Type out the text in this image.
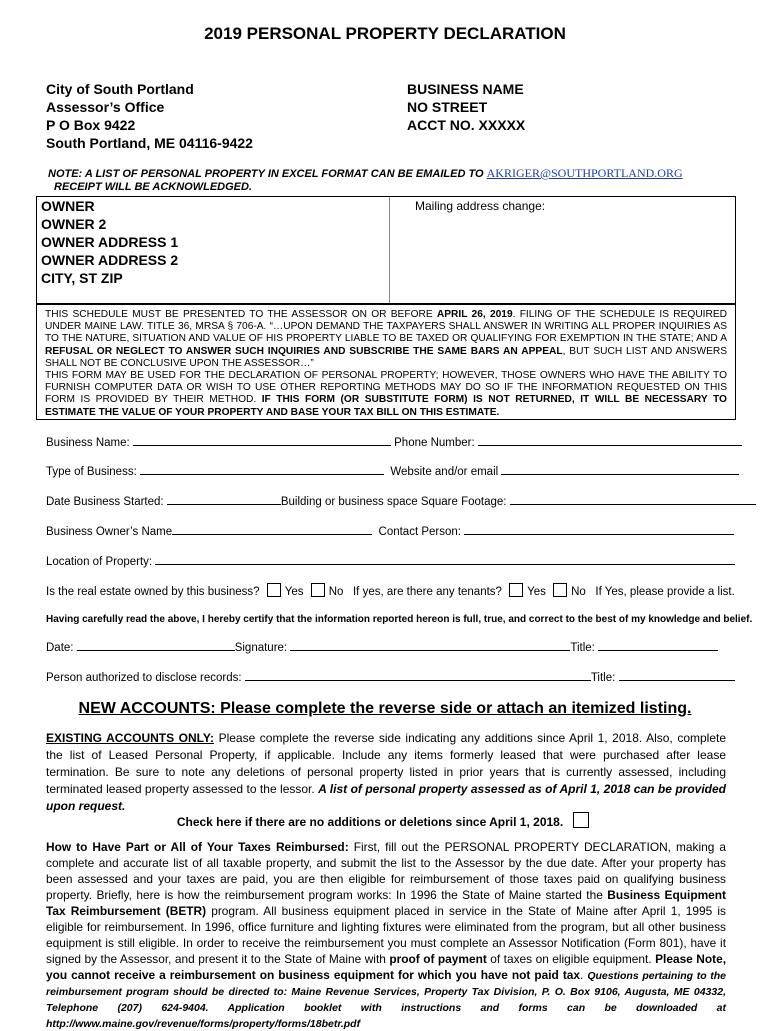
2019 PERSONAL PROPERTY DECLARATION
City of South Portland
Assessor’s Office
P O Box 9422
South Portland, ME 04116-9422
BUSINESS NAME
NO STREET
ACCT NO. XXXXX
NOTE: A LIST OF PERSONAL PROPERTY IN EXCEL FORMAT CAN BE EMAILED TO AKRIGER@SOUTHPORTLAND.ORG
RECEIPT WILL BE ACKNOWLEDGED.
OWNER
OWNER 2
OWNER ADDRESS 1
OWNER ADDRESS 2
CITY, ST ZIP
Mailing address change:
THIS SCHEDULE MUST BE PRESENTED TO THE ASSESSOR ON OR BEFORE APRIL 26, 2019. FILING OF THE SCHEDULE IS REQUIRED UNDER MAINE LAW. TITLE 36, MRSA § 706-A. “…UPON DEMAND THE TAXPAYERS SHALL ANSWER IN WRITING ALL PROPER INQUIRIES AS TO THE NATURE, SITUATION AND VALUE OF HIS PROPERTY LIABLE TO BE TAXED OR QUALIFYING FOR EXEMPTION IN THE STATE; AND A REFUSAL OR NEGLECT TO ANSWER SUCH INQUIRIES AND SUBSCRIBE THE SAME BARS AN APPEAL, BUT SUCH LIST AND ANSWERS SHALL NOT BE CONCLUSIVE UPON THE ASSESSOR…”
THIS FORM MAY BE USED FOR THE DECLARATION OF PERSONAL PROPERTY; HOWEVER, THOSE OWNERS WHO HAVE THE ABILITY TO FURNISH COMPUTER DATA OR WISH TO USE OTHER REPORTING METHODS MAY DO SO IF THE INFORMATION REQUESTED ON THIS FORM IS PROVIDED BY THEIR METHOD. IF THIS FORM (OR SUBSTITUTE FORM) IS NOT RETURNED, IT WILL BE NECESSARY TO ESTIMATE THE VALUE OF YOUR PROPERTY AND BASE YOUR TAX BILL ON THIS ESTIMATE.
Business Name:	Phone Number:
Type of Business:	Website and/or email
Date Business Started:	Building or business space Square Footage:
Business Owner’s Name	Contact Person:
Location of Property:
Is the real estate owned by this business? Yes No If yes, are there any tenants? Yes No If Yes, please provide a list.
Having carefully read the above, I hereby certify that the information reported hereon is full, true, and correct to the best of my knowledge and belief.
Date:	Signature:	Title:
Person authorized to disclose records:	Title:
NEW ACCOUNTS: Please complete the reverse side or attach an itemized listing.
EXISTING ACCOUNTS ONLY: Please complete the reverse side indicating any additions since April 1, 2018. Also, complete the list of Leased Personal Property, if applicable. Include any items formerly leased that were purchased after lease termination. Be sure to note any deletions of personal property listed in prior years that is currently assessed, including terminated leased property assessed to the lessor. A list of personal property assessed as of April 1, 2018 can be provided upon request.
Check here if there are no additions or deletions since April 1, 2018.
How to Have Part or All of Your Taxes Reimbursed: First, fill out the PERSONAL PROPERTY DECLARATION, making a complete and accurate list of all taxable property, and submit the list to the Assessor by the due date. After your property has been assessed and your taxes are paid, you are then eligible for reimbursement of those taxes paid on qualifying business property. Briefly, here is how the reimbursement program works: In 1996 the State of Maine started the Business Equipment Tax Reimbursement (BETR) program. All business equipment placed in service in the State of Maine after April 1, 1995 is eligible for reimbursement. In 1996, office furniture and lighting fixtures were eliminated from the program, but all other business equipment is still eligible. In order to receive the reimbursement you must complete an Assessor Notification (Form 801), have it signed by the Assessor, and present it to the State of Maine with proof of payment of taxes on eligible equipment. Please Note, you cannot receive a reimbursement on business equipment for which you have not paid tax. Questions pertaining to the reimbursement program should be directed to: Maine Revenue Services, Property Tax Division, P. O. Box 9106, Augusta, ME 04332, Telephone (207) 624-9404. Application booklet with instructions and forms can be downloaded at http://www.maine.gov/revenue/forms/property/forms/18betr.pdf
